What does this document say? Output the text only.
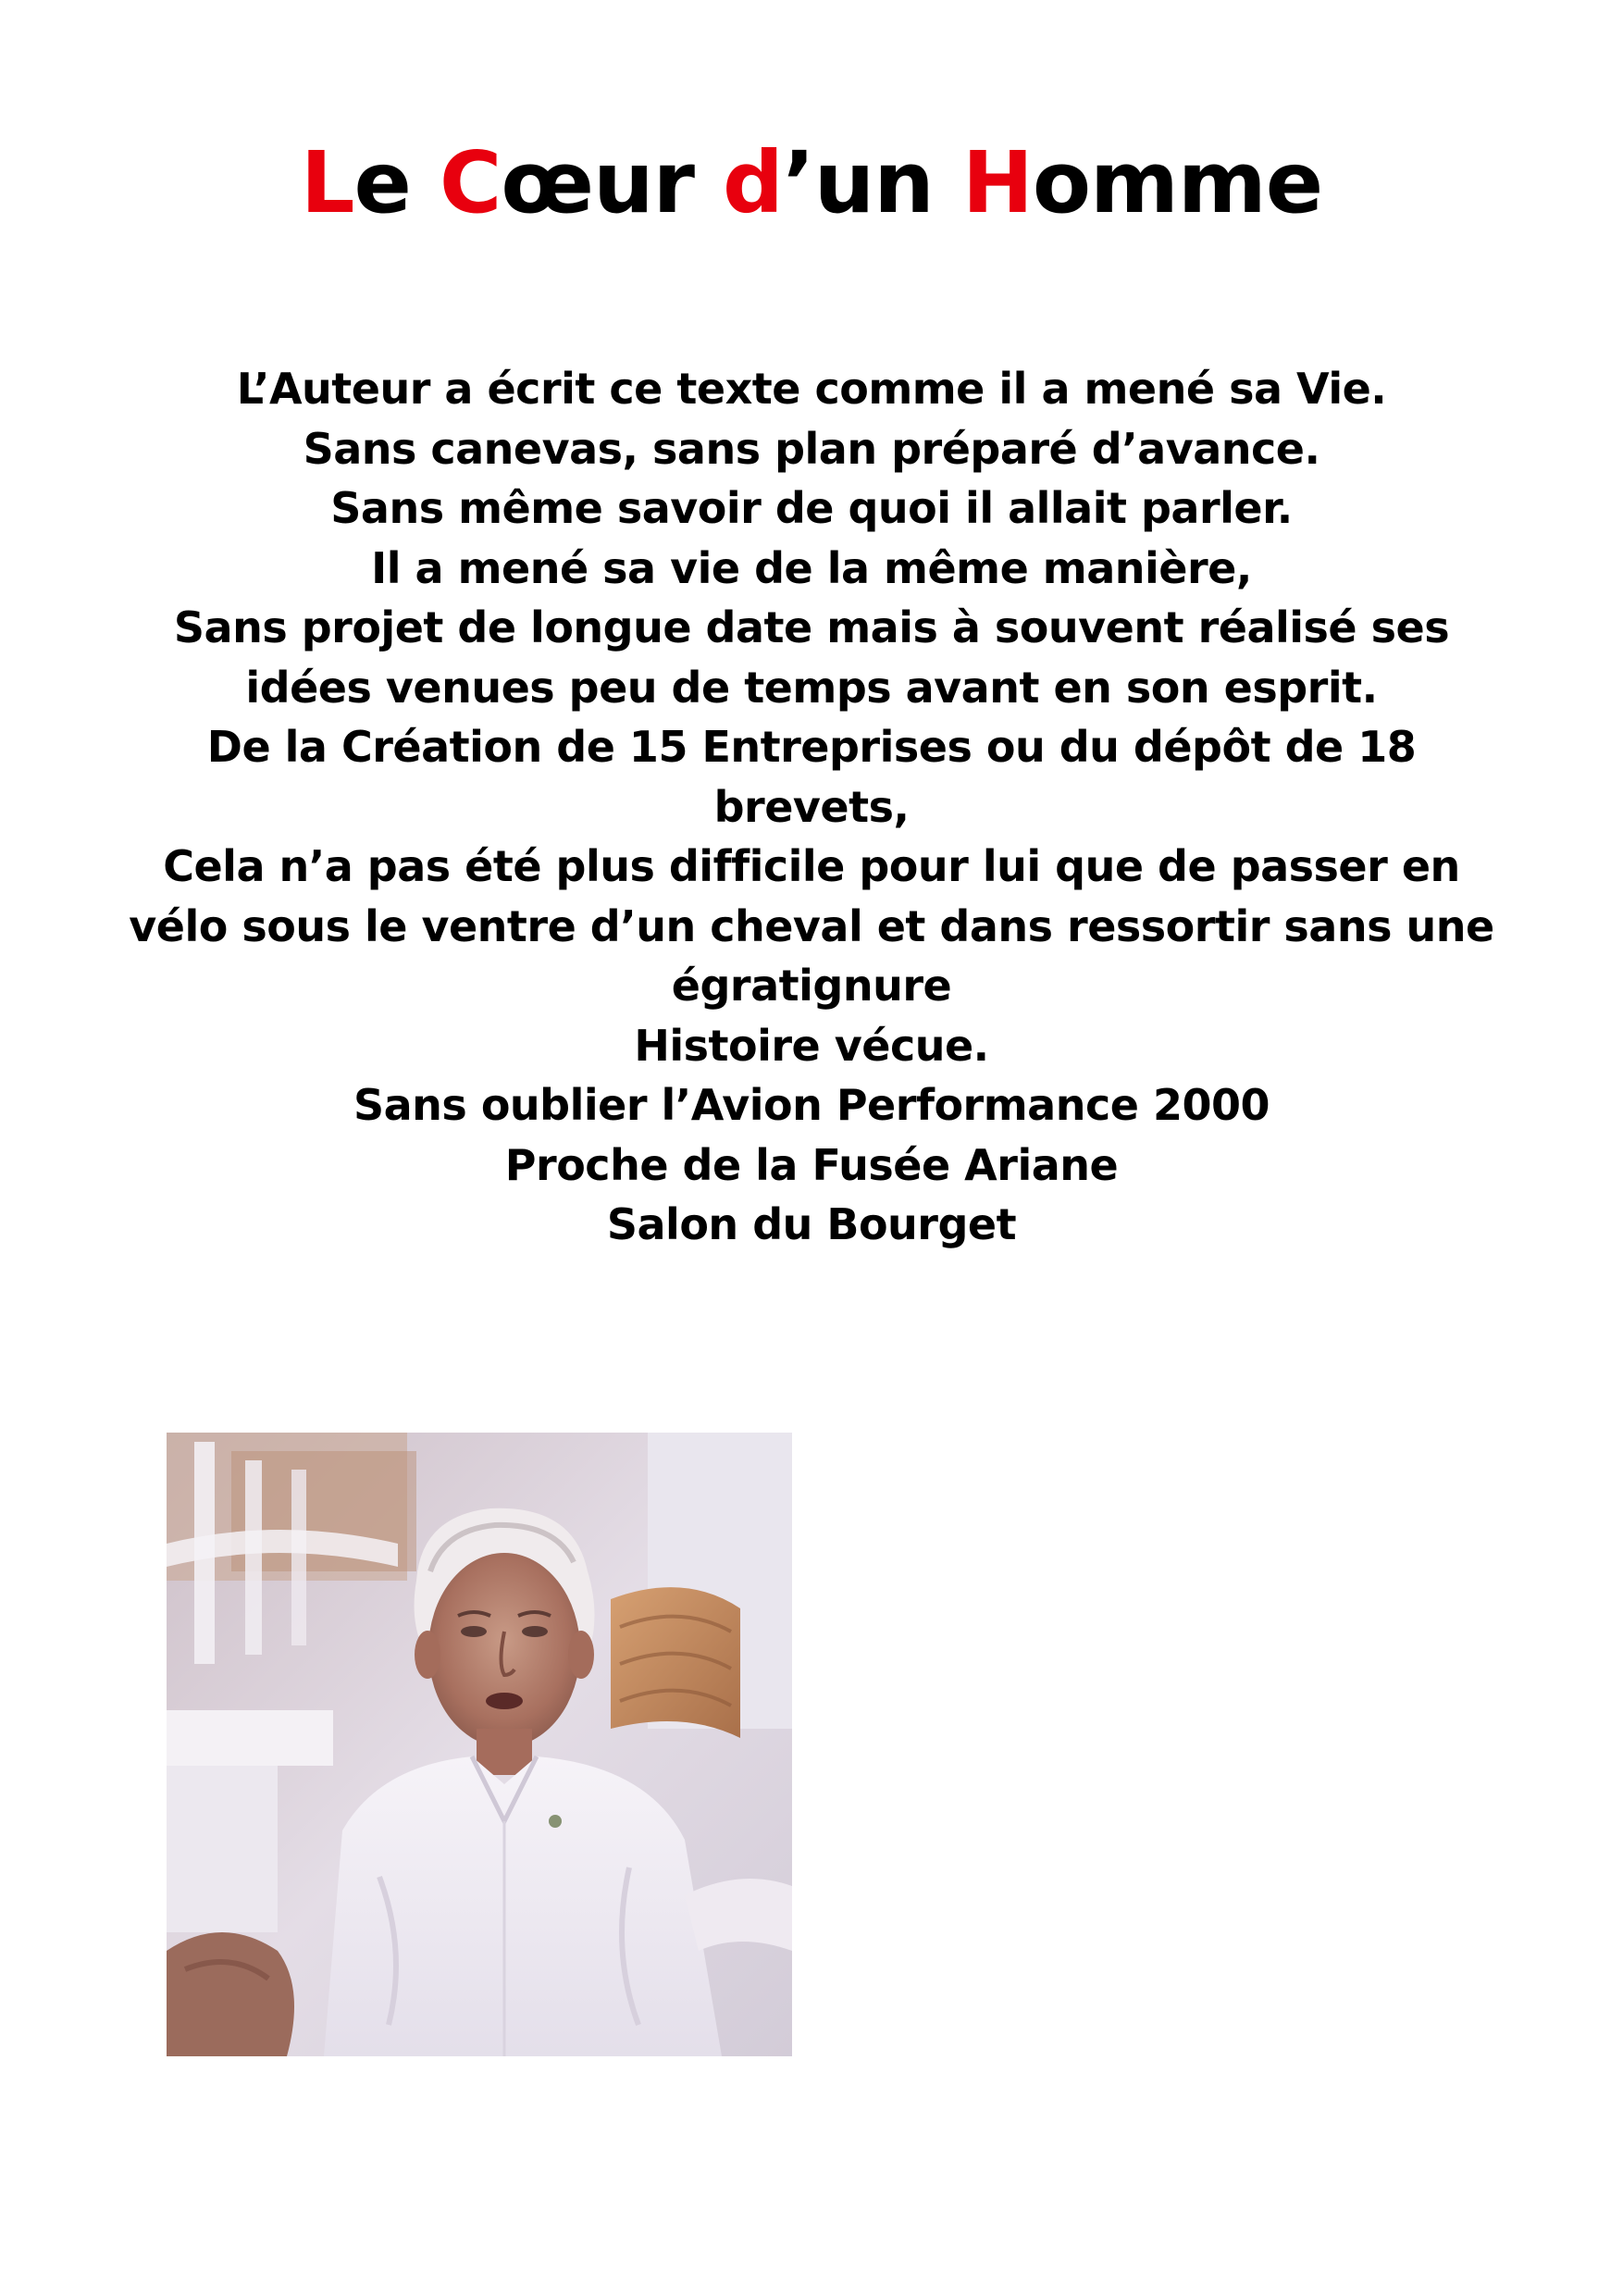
Le Cœur d’un Homme
L’Auteur a écrit ce texte comme il a mené sa Vie.
Sans canevas, sans plan préparé d’avance.
Sans même savoir de quoi il allait parler.
Il a mené sa vie de la même manière,
Sans projet de longue date mais à souvent réalisé ses
idées venues peu de temps avant en son esprit.
De la Création de 15 Entreprises ou du dépôt de 18
brevets,
Cela n’a pas été plus difficile pour lui que de passer en
vélo sous le ventre d’un cheval et dans ressortir sans une
égratignure
Histoire vécue.
Sans oublier l’Avion Performance 2000
Proche de la Fusée Ariane
Salon du Bourget
